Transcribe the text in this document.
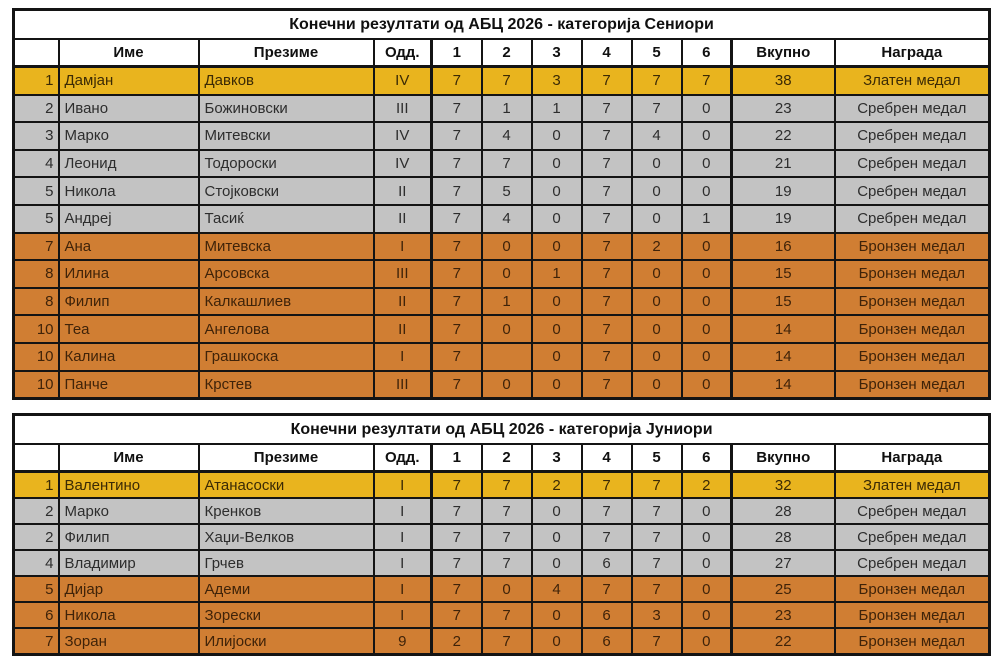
Конечни резултати од АБЦ 2026 - категорија Сениори											
	Име	Презиме	Одд.	1	2	3	4	5	6	Вкупно	Награда
1	Дамјан	Давков	IV	7	7	3	7	7	7	38	Златен медал
2	Ивано	Божиновски	III	7	1	1	7	7	0	23	Сребрен медал
3	Марко	Митевски	IV	7	4	0	7	4	0	22	Сребрен медал
4	Леонид	Тодороски	IV	7	7	0	7	0	0	21	Сребрен медал
5	Никола	Стојковски	II	7	5	0	7	0	0	19	Сребрен медал
5	Андреј	Тасиќ	II	7	4	0	7	0	1	19	Сребрен медал
7	Ана	Митевска	I	7	0	0	7	2	0	16	Бронзен медал
8	Илина	Арсовска	III	7	0	1	7	0	0	15	Бронзен медал
8	Филип	Калкашлиев	II	7	1	0	7	0	0	15	Бронзен медал
10	Теа	Ангелова	II	7	0	0	7	0	0	14	Бронзен медал
10	Калина	Грашкоска	I	7		0	7	0	0	14	Бронзен медал
10	Панче	Крстев	III	7	0	0	7	0	0	14	Бронзен медал
Конечни резултати од АБЦ 2026 - категорија Јуниори											
	Име	Презиме	Одд.	1	2	3	4	5	6	Вкупно	Награда
1	Валентино	Атанасоски	I	7	7	2	7	7	2	32	Златен медал
2	Марко	Кренков	I	7	7	0	7	7	0	28	Сребрен медал
2	Филип	Хаџи-Велков	I	7	7	0	7	7	0	28	Сребрен медал
4	Владимир	Грчев	I	7	7	0	6	7	0	27	Сребрен медал
5	Дијар	Адеми	I	7	0	4	7	7	0	25	Бронзен медал
6	Никола	Зорески	I	7	7	0	6	3	0	23	Бронзен медал
7	Зоран	Илијоски	9	2	7	0	6	7	0	22	Бронзен медал
